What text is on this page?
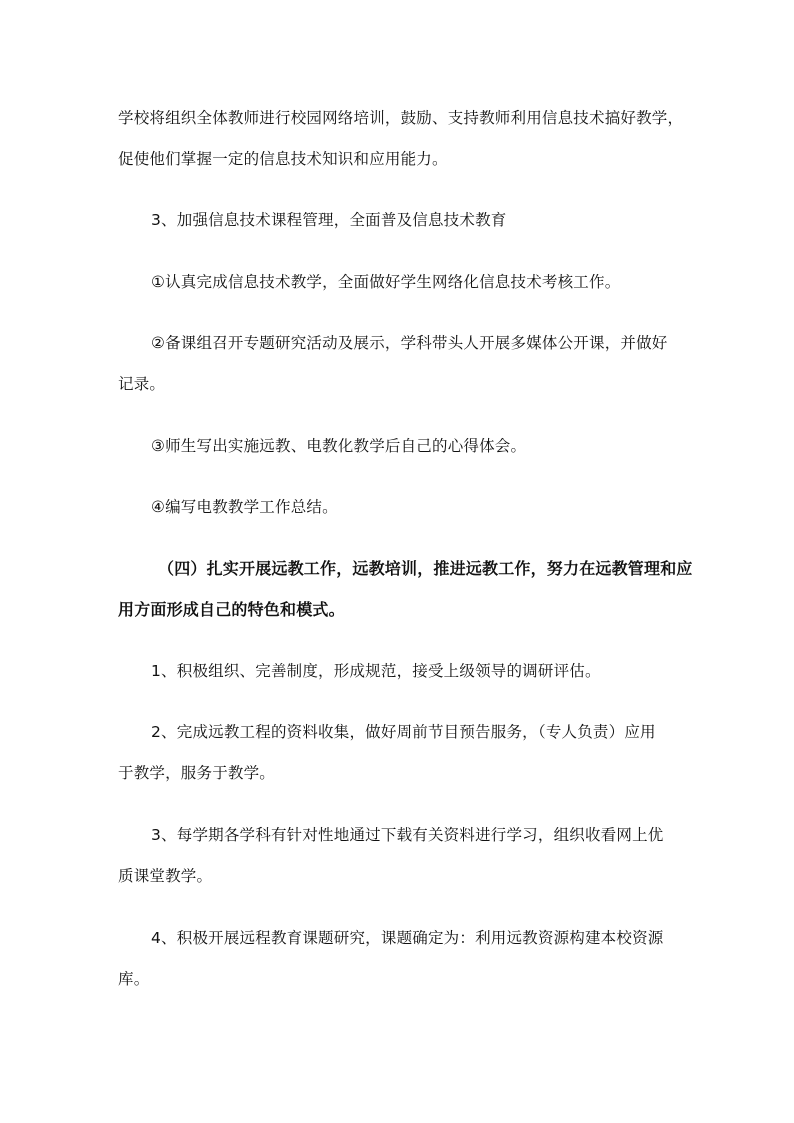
学校将组织全体教师进行校园网络培训，鼓励、支持教师利用信息技术搞好教学，
促使他们掌握一定的信息技术知识和应用能力。
3、加强信息技术课程管理，全面普及信息技术教育
①认真完成信息技术教学，全面做好学生网络化信息技术考核工作。
②备课组召开专题研究活动及展示，学科带头人开展多媒体公开课，并做好
记录。
③师生写出实施远教、电教化教学后自己的心得体会。
④编写电教教学工作总结。
（四）扎实开展远教工作，远教培训，推进远教工作，努力在远教管理和应
用方面形成自己的特色和模式。
1、积极组织、完善制度，形成规范，接受上级领导的调研评估。
2、完成远教工程的资料收集，做好周前节目预告服务，（专人负责）应用
于教学，服务于教学。
3、每学期各学科有针对性地通过下载有关资料进行学习，组织收看网上优
质课堂教学。
4、积极开展远程教育课题研究，课题确定为：利用远教资源构建本校资源
库。
